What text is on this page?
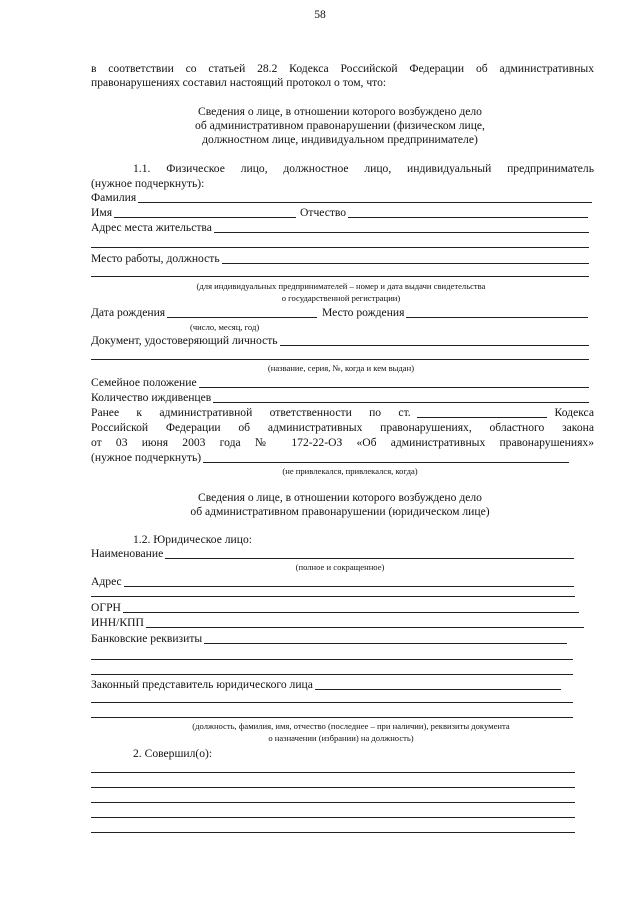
58
в соответствии со статьей 28.2 Кодекса Российской Федерации об административных
правонарушениях составил настоящий протокол о том, что:
Сведения о лице, в отношении которого возбуждено дело
об административном правонарушении (физическом лице,
должностном лице, индивидуальном предпринимателе)
1.1. Физическое лицо, должностное лицо, индивидуальный предприниматель
(нужное подчеркнуть):
Фамилия
Имя	Отчество
Адрес места жительства
Место работы, должность
(для индивидуальных предпринимателей – номер и дата выдачи свидетельства
о государственной регистрации)
Дата рождения	Место рождения
(число, месяц, год)
Документ, удостоверяющий личность
(название, серия, №, когда и кем выдан)
Семейное положение
Количество иждивенцев
Ранее к административной ответственности по ст.	Кодекса
Российской Федерации об административных правонарушениях, областного закона
от 03 июня 2003 года № 172-22-ОЗ «Об административных правонарушениях»
(нужное подчеркнуть)
(не привлекался, привлекался, когда)
Сведения о лице, в отношении которого возбуждено дело
об административном правонарушении (юридическом лице)
1.2. Юридическое лицо:
Наименование
(полное и сокращенное)
Адрес
ОГРН
ИНН/КПП
Банковские реквизиты
Законный представитель юридического лица
(должность, фамилия, имя, отчество (последнее – при наличии), реквизиты документа
о назначении (избрании) на должность)
2. Совершил(о):
